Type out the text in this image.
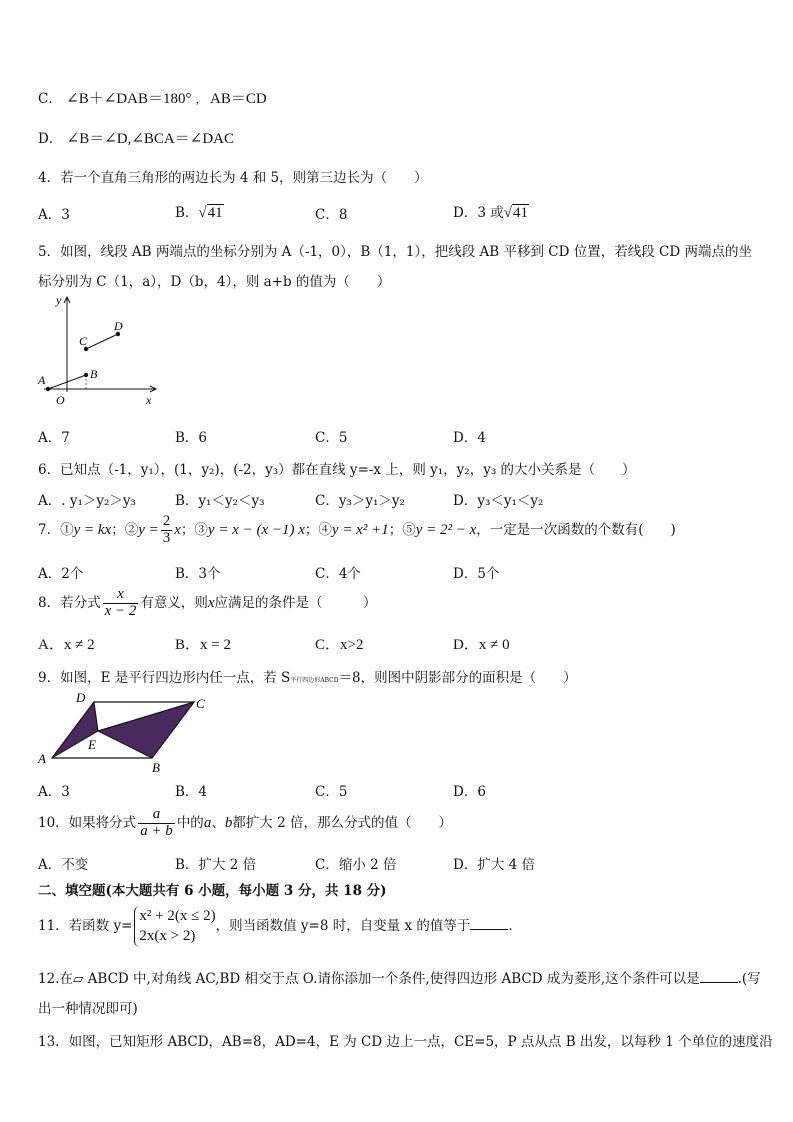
C． ∠B＋∠DAB＝180° ， AB＝CD
D． ∠B＝∠D,∠BCA＝∠DAC
4．若一个直角三角形的两边长为 4 和 5，则第三边长为（　　）
A．3	B．√41	C．8	D．3 或√41
5．如图，线段 AB 两端点的坐标分别为 A（-1，0），B（1，1），把线段 AB 平移到 CD 位置，若线段 CD 两端点的坐
标分别为 C（1，a），D（b，4），则 a+b 的值为（　　）
y
x
O
A	B
C
D
A．7	B．6	C．5	D．4
6．已知点（-1，y₁），(1，y₂)，(-2，y₃）都在直线 y=-x 上，则 y₁，y₂，y₃ 的大小关系是（　　）
A．. y₁＞y₂＞y₃	B．y₁＜y₂＜y₃	C．y₃＞y₁＞y₂	D．y₃＜y₁＜y₂
7．①y = kx；②y = $\frac{2}{3}$ x；③y = x − (x −1) x；④y = x² +1；⑤y = 2² − x，一定是一次函数的个数有(　　)
A．2个	B．3个	C．4个	D．5个
8．若分式 $\frac{x}{x - 2}$ 有意义，则x应满足的条件是（　　　）
A．x ≠ 2	B．x = 2	C．x>2	D．x ≠ 0
9．如图，E 是平行四边形内任一点，若 S平行四边形ABCD＝8，则图中阴影部分的面积是（　　）
A
B
C
D
E
A．3	B．4	C．5	D．6
10．如果将分式 $\frac{a}{a + b}$ 中的a、b都扩大 2 倍，那么分式的值（　　）
A．不变	B．扩大 2 倍	C．缩小 2 倍	D．扩大 4 倍
二、填空题(本大题共有 6 小题，每小题 3 分，共 18 分)
11．若函数 y=
x² + 2(x ≤ 2)
2x(x > 2)
，则当函数值 y=8 时，自变量 x 的值等于	．
12.在▱ ABCD 中,对角线 AC,BD 相交于点 O.请你添加一个条件,使得四边形 ABCD 成为菱形,这个条件可以是	.(写
出一种情况即可)
13．如图，已知矩形 ABCD，AB=8，AD=4，E 为 CD 边上一点，CE=5，P 点从点 B 出发，以每秒 1 个单位的速度沿
